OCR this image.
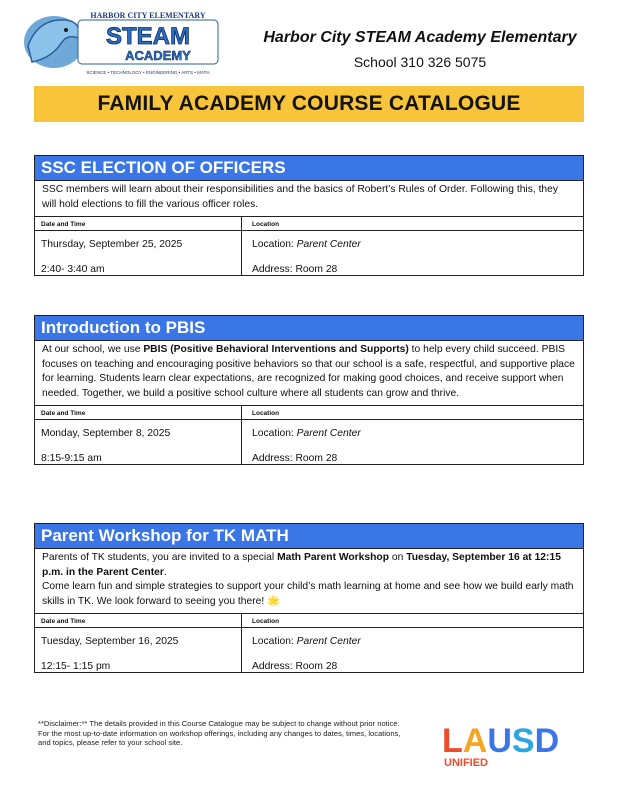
HARBOR CITY ELEMENTARY
STEAM
ACADEMY
SCIENCE • TECHNOLOGY • ENGINEERING • ARTS • MATH
Harbor City STEAM Academy Elementary
School 310 326 5075
FAMILY ACADEMY COURSE CATALOGUE
SSC ELECTION OF OFFICERS
SSC members will learn about their responsibilities and the basics of Robert’s Rules of Order. Following this, they will hold elections to fill the various officer roles.
Date and Time
Thursday, September 25, 2025
2:40- 3:40 am
Location
Location: Parent Center
Address: Room 28
Introduction to PBIS
At our school, we use PBIS (Positive Behavioral Interventions and Supports) to help every child succeed. PBIS focuses on teaching and encouraging positive behaviors so that our school is a safe, respectful, and supportive place for learning. Students learn clear expectations, are recognized for making good choices, and receive support when needed. Together, we build a positive school culture where all students can grow and thrive.
Date and Time
Monday, September 8, 2025
8:15-9:15 am
Location
Location: Parent Center
Address: Room 28
Parent Workshop for TK MATH
Parents of TK students, you are invited to a special Math Parent Workshop on Tuesday, September 16 at 12:15 p.m. in the Parent Center.
Come learn fun and simple strategies to support your child’s math learning at home and see how we build early math skills in TK. We look forward to seeing you there! 🌟
Date and Time
Tuesday, September 16, 2025
12:15- 1:15 pm
Location
Location: Parent Center
Address: Room 28
**Disclaimer:** The details provided in this Course Catalogue may be subject to change without prior notice. For the most up-to-date information on workshop offerings, including any changes to dates, times, locations, and topics, please refer to your school site.	LAUSD
UNIFIED
